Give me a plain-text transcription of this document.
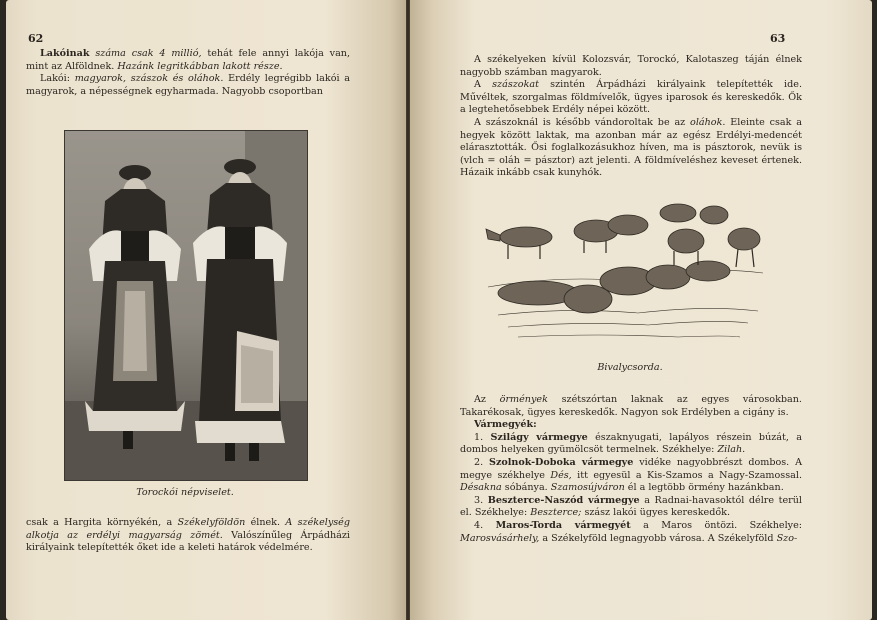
62

Lakóinak száma csak 4 millió, tehát fele annyi lakója van, mint az Alföldnek. Hazánk legritkábban lakott része.

Lakói: magyarok, szászok és oláhok. Erdély legrégibb lakói a magyarok, a népességnek egyharmada. Nagyobb csoportban

Torockói népviselet.

csak a Hargita környékén, a Székelyföldön élnek. A székelység alkotja az erdélyi magyarság zömét. Valószínűleg Árpádházi királyaink telepítették őket ide a keleti határok védelmére.

63

A székelyeken kívül Kolozsvár, Torockó, Kalotaszeg táján élnek nagyobb számban magyarok.

A szászokat szintén Árpádházi királyaink telepítették ide. Művéltek, szorgalmas földmívelők, ügyes iparosok és kereskedők. Ők a legtehetősebbek Erdély népei között.

A szászoknál is később vándoroltak be az oláhok. Eleinte csak a hegyek között laktak, ma azonban már az egész Erdélyi-medencét elárasztották. Ősi foglalkozásukhoz híven, ma is pásztorok, nevük is (vlch = oláh = pásztor) azt jelenti. A földmíveléshez keveset értenek. Házaik inkább csak kunyhók.

Az örmények szétszórtan laknak az egyes városokban. Takarékosak, ügyes kereskedők. Nagyon sok Erdélyben a cigány is.

Vármegyék:

1. Szilágy vármegye északnyugati, lapályos részein búzát, a dombos helyeken gyümölcsöt termelnek. Székhelye: Zilah.

2. Szolnok-Doboka vármegye vidéke nagyobbrészt dombos. A megye székhelye Dés, itt egyesül a Kis-Szamos a Nagy-Szamossal. Désakna sóbánya. Szamosújváron él a legtöbb örmény hazánkban.

3. Beszterce-Naszód vármegye a Radnai-havasoktól délre terül el. Székhelye: Beszterce; szász lakói ügyes kereskedők.

4. Maros-Torda vármegyét a Maros öntözi. Székhelye: Marosvásárhely, a Székelyföld legnagyobb városa. A Székelyföld Szo-

Bivalycsorda.
